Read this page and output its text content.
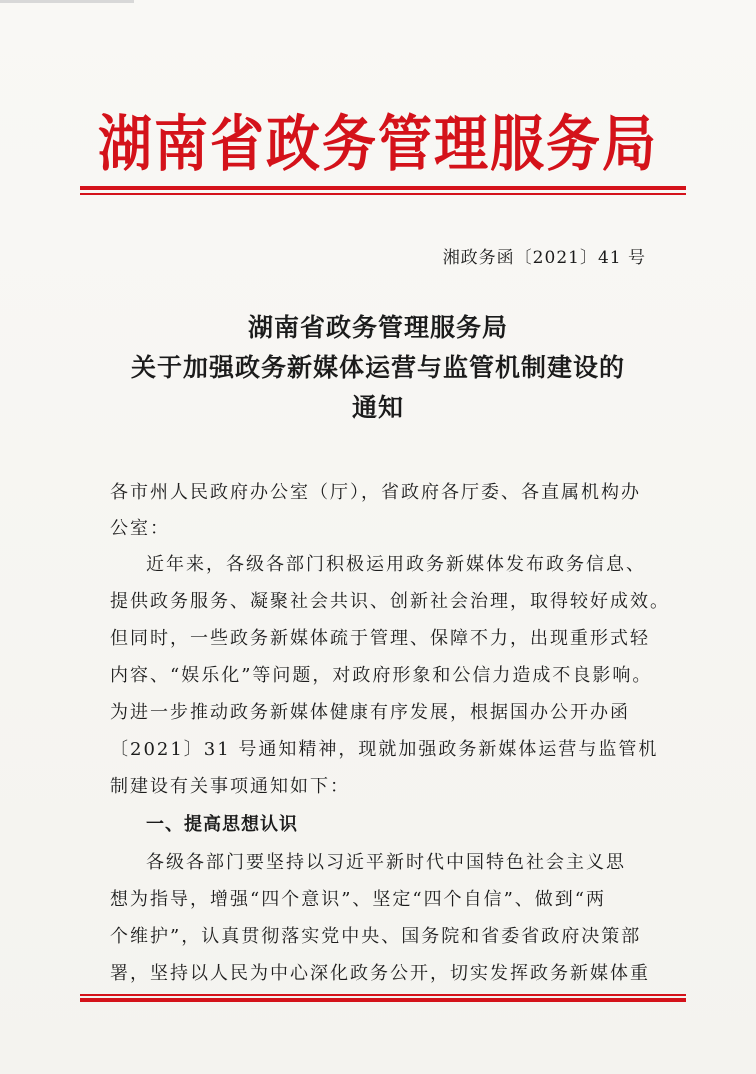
湖南省政务管理服务局
湘政务函〔2021〕41 号
湖南省政务管理服务局
关于加强政务新媒体运营与监管机制建设的
通知
各市州人民政府办公室（厅），省政府各厅委、各直属机构办
公室：
近年来，各级各部门积极运用政务新媒体发布政务信息、
提供政务服务、凝聚社会共识、创新社会治理，取得较好成效。
但同时，一些政务新媒体疏于管理、保障不力，出现重形式轻
内容、“娱乐化”等问题，对政府形象和公信力造成不良影响。
为进一步推动政务新媒体健康有序发展，根据国办公开办函
〔2021〕31 号通知精神，现就加强政务新媒体运营与监管机
制建设有关事项通知如下：
一、提高思想认识
各级各部门要坚持以习近平新时代中国特色社会主义思
想为指导，增强“四个意识”、坚定“四个自信”、做到“两
个维护”，认真贯彻落实党中央、国务院和省委省政府决策部
署，坚持以人民为中心深化政务公开，切实发挥政务新媒体重
